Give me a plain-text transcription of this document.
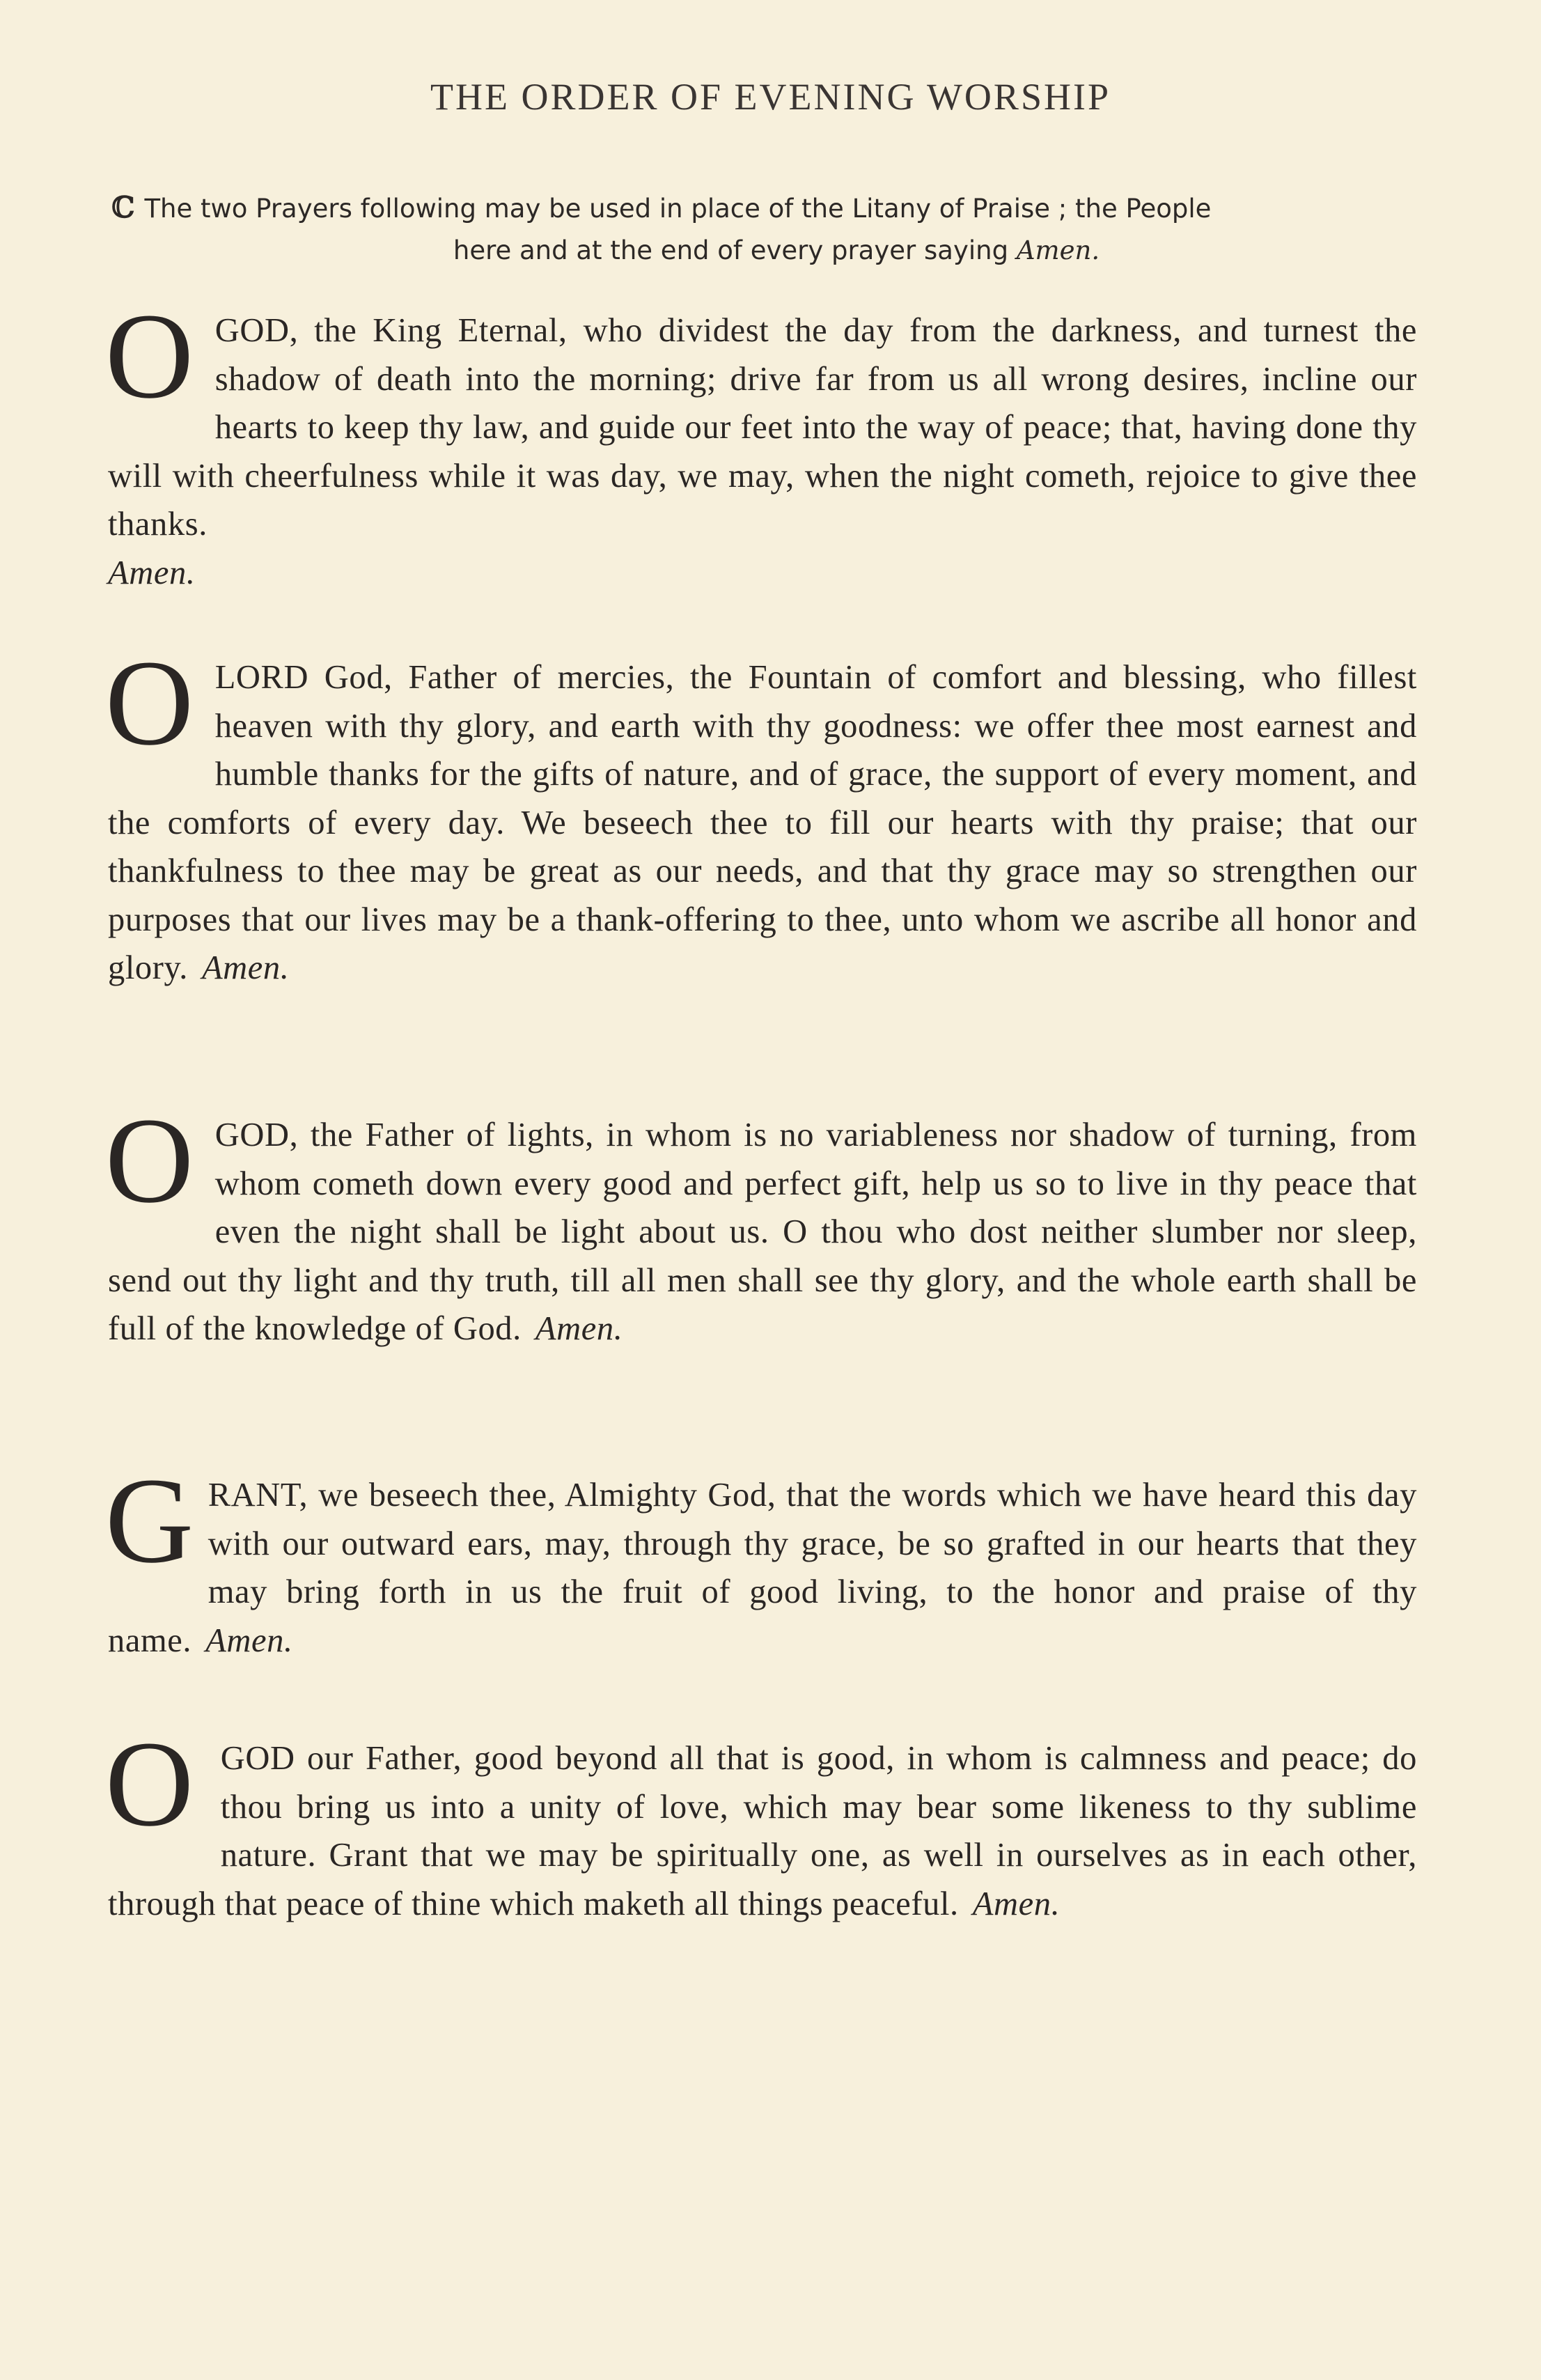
THE ORDER OF EVENING WORSHIP
ℂ The two Prayers following may be used in place of the Litany of Praise ; the People
here and at the end of every prayer saying Amen.
OGOD, the King Eternal, who dividest the day from the darkness, and turnest the shadow of death into the morning; drive far from us all wrong desires, incline our hearts to keep thy law, and guide our feet into the way of peace; that, having done thy will with cheerfulness while it was day, we may, when the night cometh, rejoice to give thee thanks.
Amen.
OLORD God, Father of mercies, the Fountain of comfort and blessing, who fillest heaven with thy glory, and earth with thy goodness: we offer thee most earnest and humble thanks for the gifts of nature, and of grace, the support of every moment, and the comforts of every day. We beseech thee to fill our hearts with thy praise; that our thankfulness to thee may be great as our needs, and that thy grace may so strengthen our purposes that our lives may be a thank-offering to thee, unto whom we ascribe all honor and glory. Amen.
OGOD, the Father of lights, in whom is no variableness nor shadow of turning, from whom cometh down every good and perfect gift, help us so to live in thy peace that even the night shall be light about us. O thou who dost neither slumber nor sleep, send out thy light and thy truth, till all men shall see thy glory, and the whole earth shall be full of the knowledge of God. Amen.
GRANT, we beseech thee, Almighty God, that the words which we have heard this day with our outward ears, may, through thy grace, be so grafted in our hearts that they may bring forth in us the fruit of good living, to the honor and praise of thy name. Amen.
OGOD our Father, good beyond all that is good, in whom is calmness and peace; do thou bring us into a unity of love, which may bear some likeness to thy sublime nature. Grant that we may be spiritually one, as well in ourselves as in each other, through that peace of thine which maketh all things peaceful. Amen.
